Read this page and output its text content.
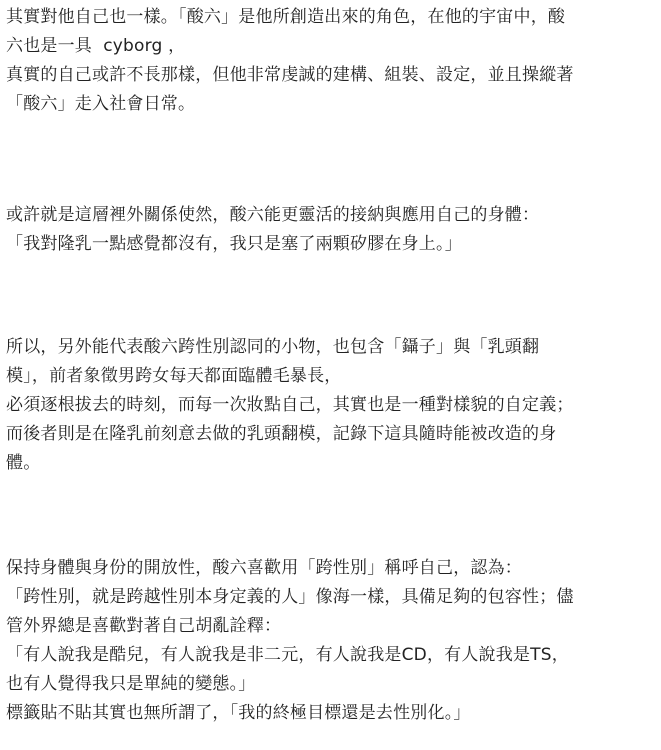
其實對他自己也一樣。「酸六」是他所創造出來的角色，在他的宇宙中，酸
六也是一具  cyborg ，
真實的自己或許不長那樣，但他非常虔誠的建構、組裝、設定，並且操縱著
「酸六」走入社會日常。

或許就是這層裡外關係使然，酸六能更靈活的接納與應用自己的身體：
「我對隆乳一點感覺都沒有，我只是塞了兩顆矽膠在身上。」

所以，另外能代表酸六跨性別認同的小物，也包含「鑷子」與「乳頭翻
模」，前者象徵男跨女每天都面臨體毛暴長，
必須逐根拔去的時刻，而每一次妝點自己，其實也是一種對樣貌的自定義；
而後者則是在隆乳前刻意去做的乳頭翻模，記錄下這具隨時能被改造的身
體。

保持身體與身份的開放性，酸六喜歡用「跨性別」稱呼自己，認為：
「跨性別，就是跨越性別本身定義的人」像海一樣，具備足夠的包容性；儘
管外界總是喜歡對著自己胡亂詮釋：
「有人說我是酷兒，有人說我是非二元，有人說我是CD，有人說我是TS，
也有人覺得我只是單純的變態。」
標籤貼不貼其實也無所謂了，「我的終極目標還是去性別化。」
